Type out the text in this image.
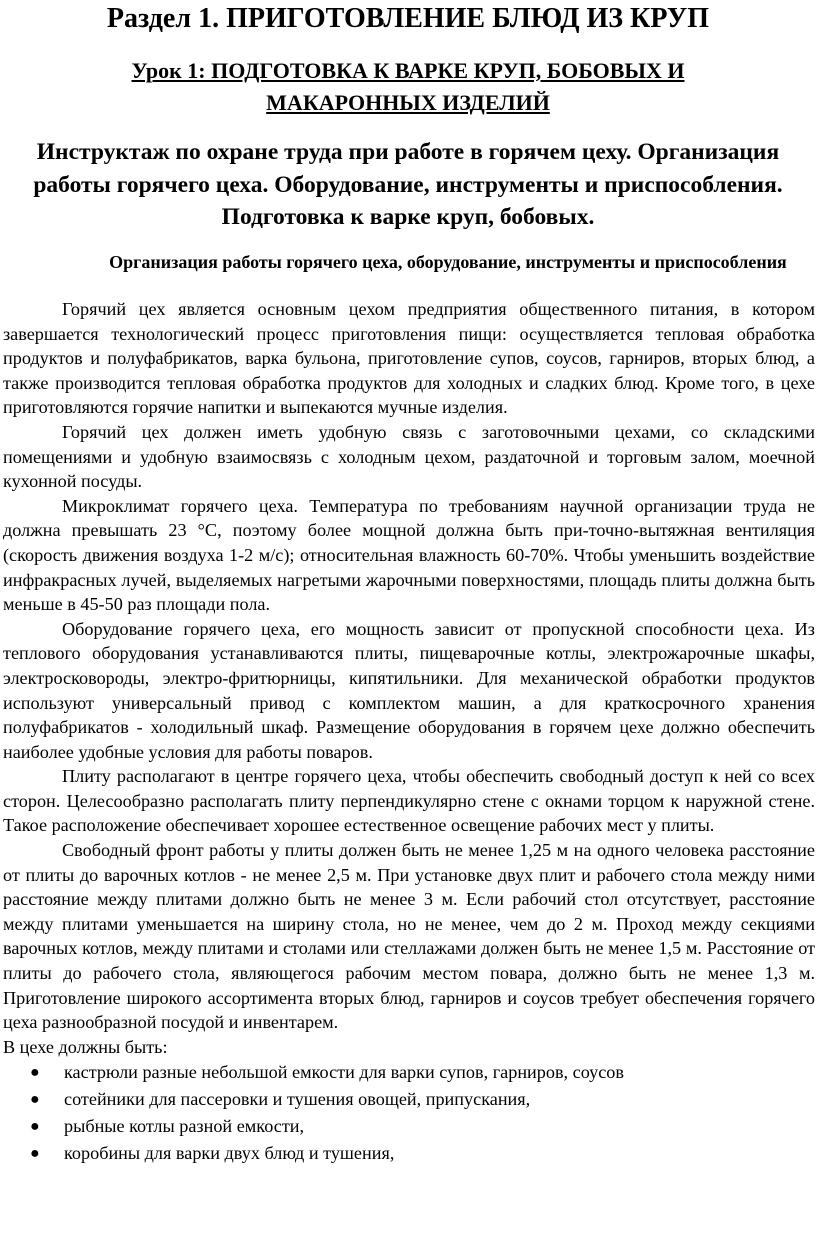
Раздел 1. ПРИГОТОВЛЕНИЕ БЛЮД ИЗ КРУП
Урок 1: ПОДГОТОВКА К ВАРКЕ КРУП, БОБОВЫХ И МАКАРОННЫХ ИЗДЕЛИЙ
Инструктаж по охране труда при работе в горячем цеху. Организация работы горячего цеха. Оборудование, инструменты и приспособления. Подготовка к варке круп, бобовых.
Организация работы горячего цеха, оборудование, инструменты и приспособления

Горячий цех является основным цехом предприятия общественного питания, в котором завершается технологический процесс приготовления пищи: осуществляется тепловая обработка продуктов и полуфабрикатов, варка бульона, приготовление супов, соусов, гарниров, вторых блюд, а также производится тепловая обработка продуктов для холодных и сладких блюд. Кроме того, в цехе приготовляются горячие напитки и выпекаются мучные изделия.

Горячий цех должен иметь удобную связь с заготовочными цехами, со складскими помещениями и удобную взаимосвязь с холодным цехом, раздаточной и торговым залом, моечной кухонной посуды.

Микроклимат горячего цеха. Температура по требованиям научной организации труда не должна превышать 23 °С, поэтому более мощной должна быть при-точно-вытяжная вентиляция (скорость движения воздуха 1-2 м/с); относительная влажность 60-70%. Чтобы уменьшить воздействие инфракрасных лучей, выделяемых нагретыми жарочными поверхностями, площадь плиты должна быть меньше в 45-50 раз площади пола.

Оборудование горячего цеха, его мощность зависит от пропускной способности цеха. Из теплового оборудования устанавливаются плиты, пищеварочные котлы, электрожарочные шкафы, электросковороды, электро-фритюрницы, кипятильники. Для механической обработки продуктов используют универсальный привод с комплектом машин, а для краткосрочного хранения полуфабрикатов - холодильный шкаф. Размещение оборудования в горячем цехе должно обеспечить наиболее удобные условия для работы поваров.

Плиту располагают в центре горячего цеха, чтобы обеспечить свободный доступ к ней со всех сторон. Целесообразно располагать плиту перпендикулярно стене с окнами торцом к наружной стене. Такое расположение обеспечивает хорошее естественное освещение рабочих мест у плиты.

Свободный фронт работы у плиты должен быть не менее 1,25 м на одного человека расстояние от плиты до варочных котлов - не менее 2,5 м. При установке двух плит и рабочего стола между ними расстояние между плитами должно быть не менее 3 м. Если рабочий стол отсутствует, расстояние между плитами уменьшается на ширину стола, но не менее, чем до 2 м. Проход между секциями варочных котлов, между плитами и столами или стеллажами должен быть не менее 1,5 м. Расстояние от плиты до рабочего стола, являющегося рабочим местом повара, должно быть не менее 1,3 м. Приготовление широкого ассортимента вторых блюд, гарниров и соусов требует обеспечения горячего цеха разнообразной посудой и инвентарем.

В цехе должны быть:

● кастрюли разные небольшой емкости для варки супов, гарниров, соусов
● сотейники для пассеровки и тушения овощей, припускания,
● рыбные котлы разной емкости,
● коробины для варки двух блюд и тушения,
